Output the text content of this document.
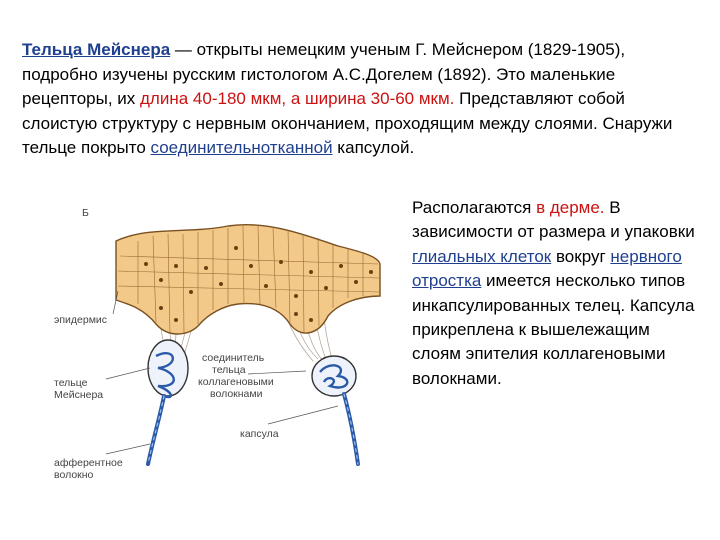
Тельца Мейснера — открыты немецким ученым Г. Мейснером (1829-1905), подробно изучены русским гистологом А.С.Догелем (1892). Это маленькие рецепторы, их длина 40-180 мкм, а ширина 30-60 мкм. Представляют собой слоистую структуру с нервным окончанием, проходящим между слоями. Снаружи тельце покрыто соединительнотканной капсулой.
Располагаются в дерме. В зависимости от размера и упаковки глиальных клеток вокруг нервного отростка имеется несколько типов инкапсулированных телец. Капсула прикреплена к вышележащим слоям эпителия коллагеновыми волокнами.
Б
эпидермис
тельце
Мейснера
соединитель
тельца
коллагеновыми
волокнами
капсула
афферентное
волокно
